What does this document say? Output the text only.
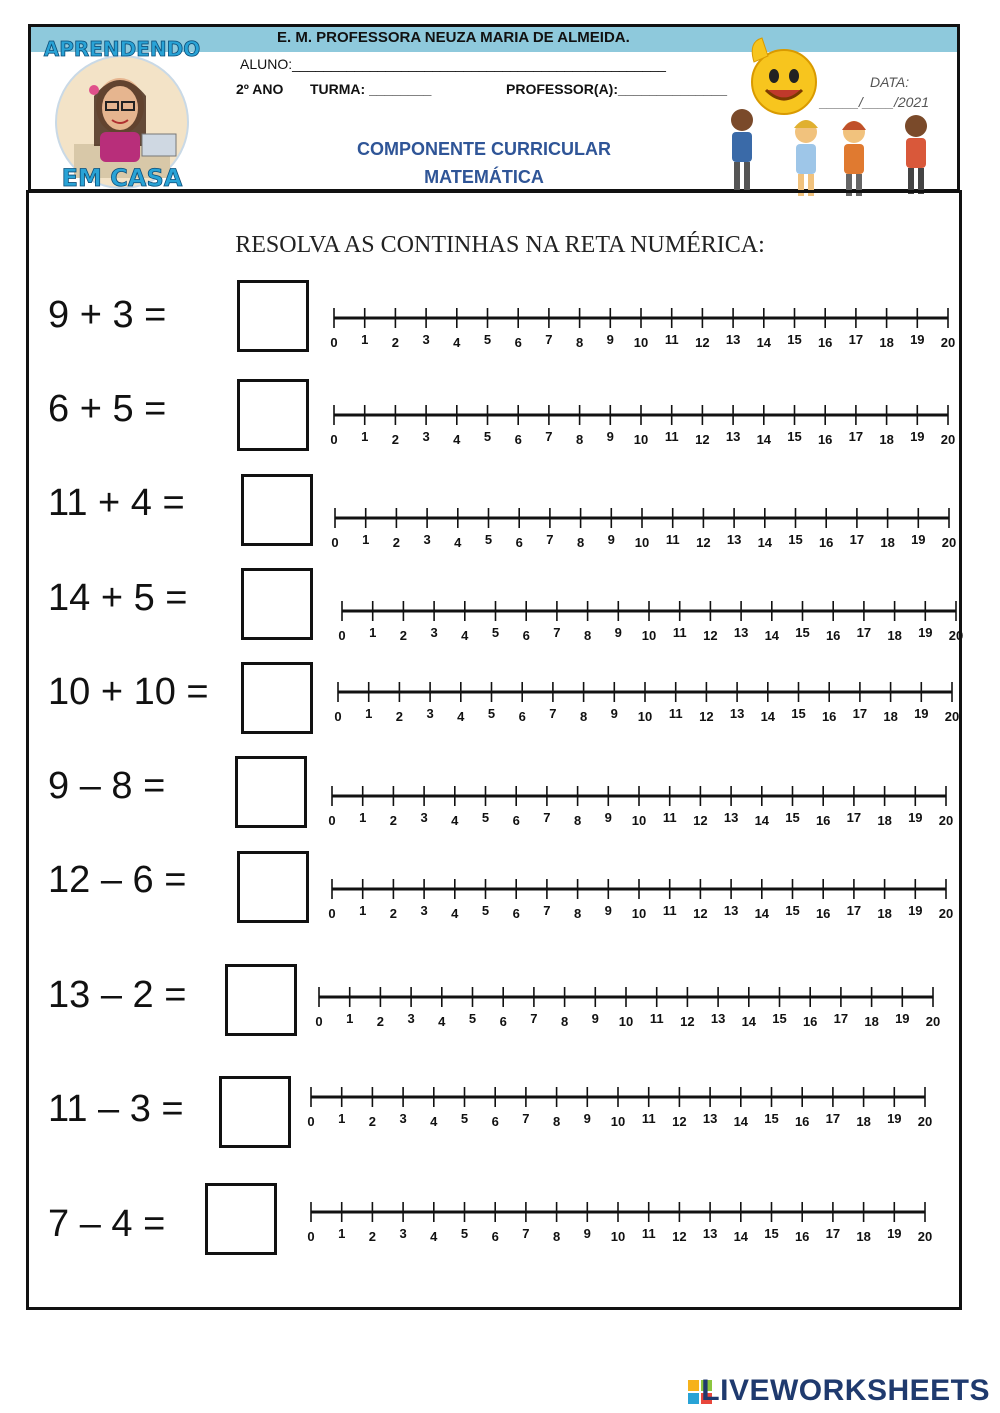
APRENDENDO
EM CASA
E. M. PROFESSORA NEUZA MARIA DE ALMEIDA.
ALUNO:________________________________________________
2º ANO TURMA: ________	PROFESSOR(A):______________
COMPONENTE CURRICULAR
MATEMÁTICA
DATA:
_____/____/2021
RESOLVA AS CONTINHAS NA RETA NUMÉRICA:
9 + 3 =
0 1 2 3 4 5 6 7 8 9 10 11 12 13 14 15 16 17 18 19 20
6 + 5 =
0 1 2 3 4 5 6 7 8 9 10 11 12 13 14 15 16 17 18 19 20
11 + 4 =
0 1 2 3 4 5 6 7 8 9 10 11 12 13 14 15 16 17 18 19 20
14 + 5 =
0 1 2 3 4 5 6 7 8 9 10 11 12 13 14 15 16 17 18 19 20
10 + 10 =
0 1 2 3 4 5 6 7 8 9 10 11 12 13 14 15 16 17 18 19 20
9 – 8 =
0 1 2 3 4 5 6 7 8 9 10 11 12 13 14 15 16 17 18 19 20
12 – 6 =
0 1 2 3 4 5 6 7 8 9 10 11 12 13 14 15 16 17 18 19 20
13 – 2 =
0 1 2 3 4 5 6 7 8 9 10 11 12 13 14 15 16 17 18 19 20
11 – 3 =	0 1 2 3 4 5 6 7 8 9 10 11 12 13 14 15 16 17 18 19 20
7 – 4 =	0 1 2 3 4 5 6 7 8 9 10 11 12 13 14 15 16 17 18 19 20
LIVEWORKSHEETS
